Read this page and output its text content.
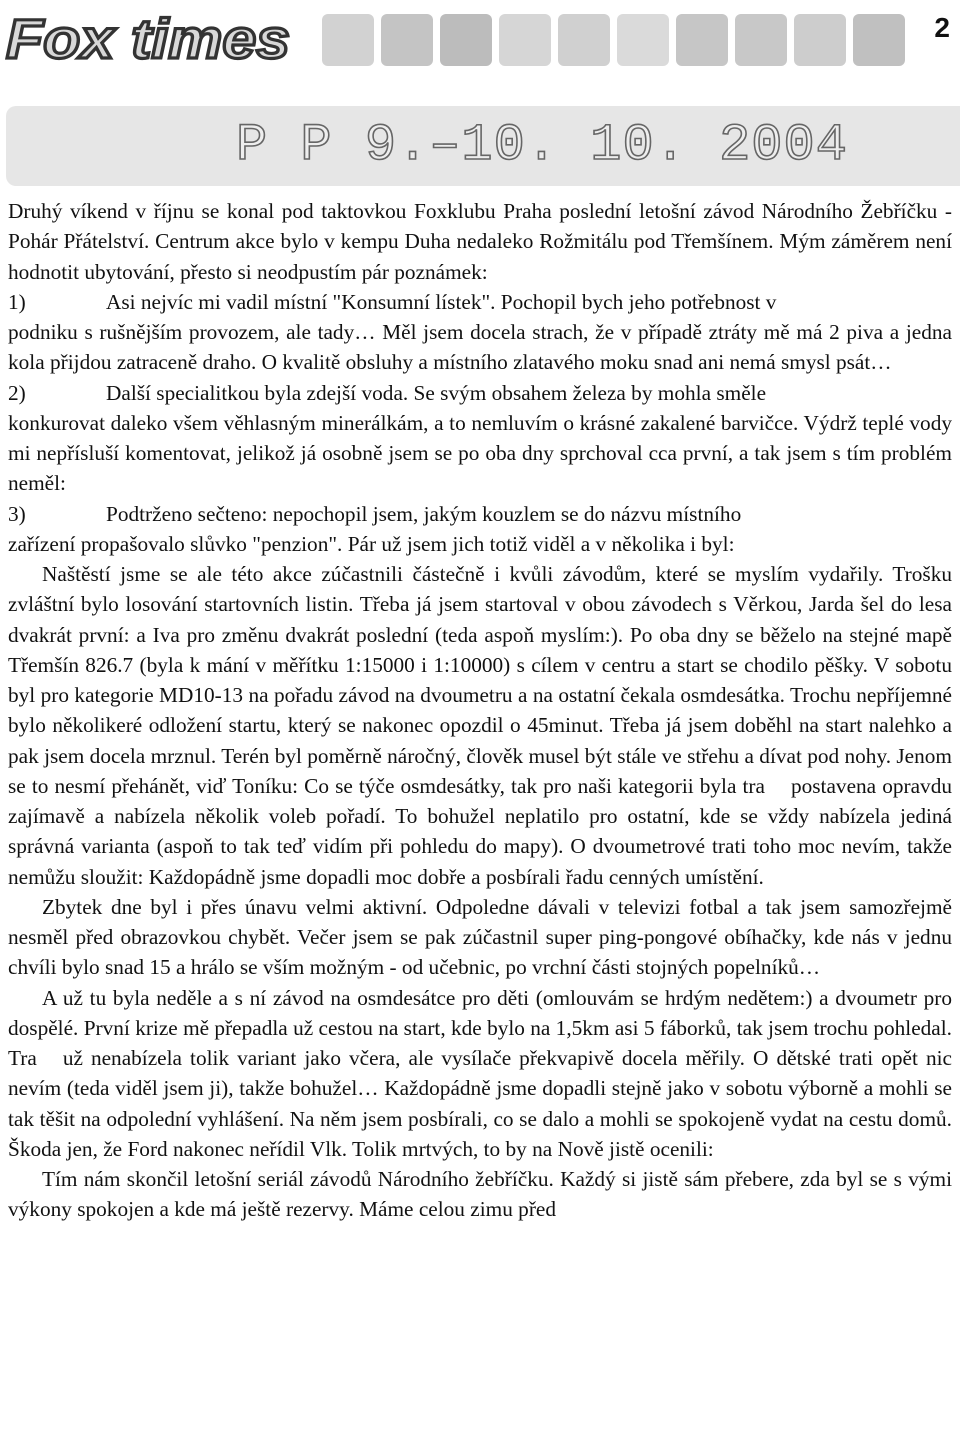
Fox times	2
P P 9.–10. 10. 2004

Druhý víkend v říjnu se konal pod taktovkou Foxklubu Praha poslední letošní závod Národního Žebříčku - Pohár Přátelství. Centrum akce bylo v kempu Duha nedaleko Rožmitálu pod Třemšínem. Mým záměrem není hodnotit ubytování, přesto si neodpustím pár poznámek:

1)	Asi nejvíc mi vadil místní "Konsumní lístek". Pochopil bych jeho potřebnost v

podniku s rušnějším provozem, ale tady… Měl jsem docela strach, že v případě ztráty mě má 2 piva a jedna kola přijdou zatraceně draho. O kvalitě obsluhy a místního zlatavého moku snad ani nemá smysl psát…

2)	Další specialitkou byla zdejší voda. Se svým obsahem železa by mohla směle

konkurovat daleko všem věhlasným minerálkám, a to nemluvím o krásné zakalené barvičce. Výdrž teplé vody mi nepřísluší komentovat, jelikož já osobně jsem se po oba dny sprchoval cca první, a tak jsem s tím problém neměl:

3)	Podtrženo sečteno: nepochopil jsem, jakým kouzlem se do názvu místního

zařízení propašovalo slůvko "penzion". Pár už jsem jich totiž viděl a v několika i byl:

Naštěstí jsme se ale této akce zúčastnili částečně i kvůli závodům, které se myslím vydařily. Trošku zvláštní bylo losování startovních listin. Třeba já jsem startoval v obou závodech s Věrkou, Jarda šel do lesa dvakrát první: a Iva pro změnu dvakrát poslední (teda aspoň myslím:). Po oba dny se běželo na stejné mapě Třemšín 826.7 (byla k mání v měřítku 1:15000 i 1:10000) s cílem v centru a start se chodilo pěšky. V sobotu byl pro kategorie MD10-13 na pořadu závod na dvoumetru a na ostatní čekala osmdesátka. Trochu nepříjemné bylo několikeré odložení startu, který se nakonec opozdil o 45minut. Třeba já jsem doběhl na start nalehko a pak jsem docela mrznul. Terén byl poměrně náročný, člověk musel být stále ve střehu a dívat pod nohy. Jenom se to nesmí přehánět, viď Toníku: Co se týče osmdesátky, tak pro naši kategorii byla tra postavena opravdu zajímavě a nabízela několik voleb pořadí. To bohužel neplatilo pro ostatní, kde se vždy nabízela jediná správná varianta (aspoň to tak teď vidím při pohledu do mapy). O dvoumetrové trati toho moc nevím, takže nemůžu sloužit: Každopádně jsme dopadli moc dobře a posbírali řadu cenných umístění.

Zbytek dne byl i přes únavu velmi aktivní. Odpoledne dávali v televizi fotbal a tak jsem samozřejmě nesměl před obrazovkou chybět. Večer jsem se pak zúčastnil super ping-pongové obíhačky, kde nás v jednu chvíli bylo snad 15 a hrálo se vším možným - od učebnic, po vrchní části stojných popelníků…

A už tu byla neděle a s ní závod na osmdesátce pro děti (omlouvám se hrdým nedětem:) a dvoumetr pro dospělé. První krize mě přepadla už cestou na start, kde bylo na 1,5km asi 5 fáborků, tak jsem trochu pohledal. Tra už nenabízela tolik variant jako včera, ale vysílače překvapivě docela měřily. O dětské trati opět nic nevím (teda viděl jsem ji), takže bohužel… Každopádně jsme dopadli stejně jako v sobotu výborně a mohli se tak těšit na odpolední vyhlášení. Na něm jsem posbírali, co se dalo a mohli se spokojeně vydat na cestu domů. Škoda jen, že Ford nakonec neřídil Vlk. Tolik mrtvých, to by na Nově jistě ocenili:

Tím nám skončil letošní seriál závodů Národního žebříčku. Každý si jistě sám přebere, zda byl se s vými výkony spokojen a kde má ještě rezervy. Máme celou zimu před
